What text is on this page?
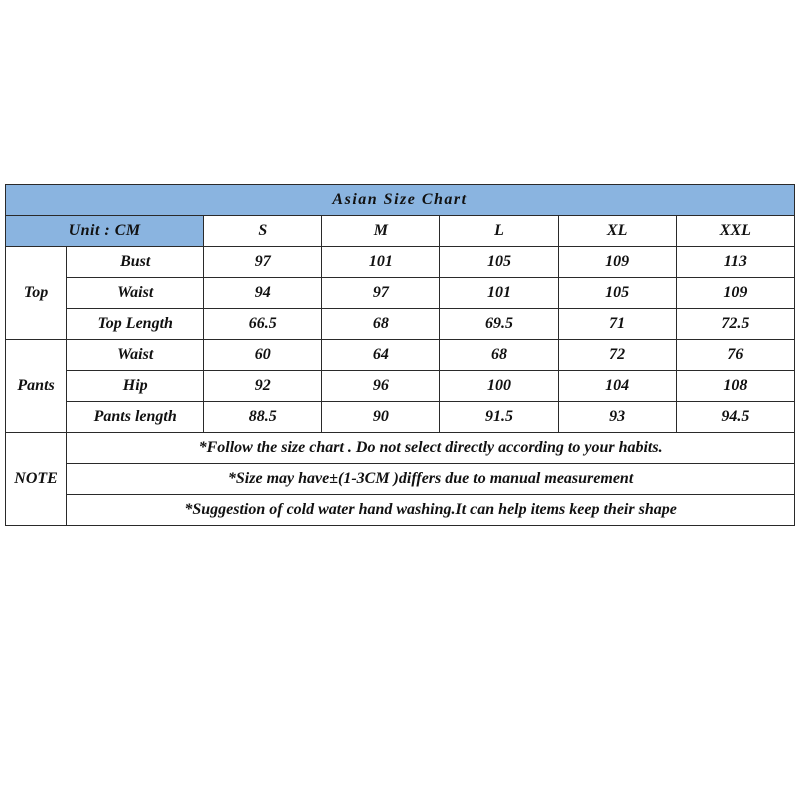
Asian Size Chart						
Unit : CM		S	M	L	XL	XXL
Top	Bust	97	101	105	109	113
	Waist	94	97	101	105	109
	Top Length	66.5	68	69.5	71	72.5
Pants	Waist	60	64	68	72	76
	Hip	92	96	100	104	108
	Pants length	88.5	90	91.5	93	94.5
NOTE	*Follow the size chart . Do not select directly according to your habits.					
	*Size may have±(1-3CM )differs due to manual measurement					
	*Suggestion of cold water hand washing.It can help items keep their shape					
